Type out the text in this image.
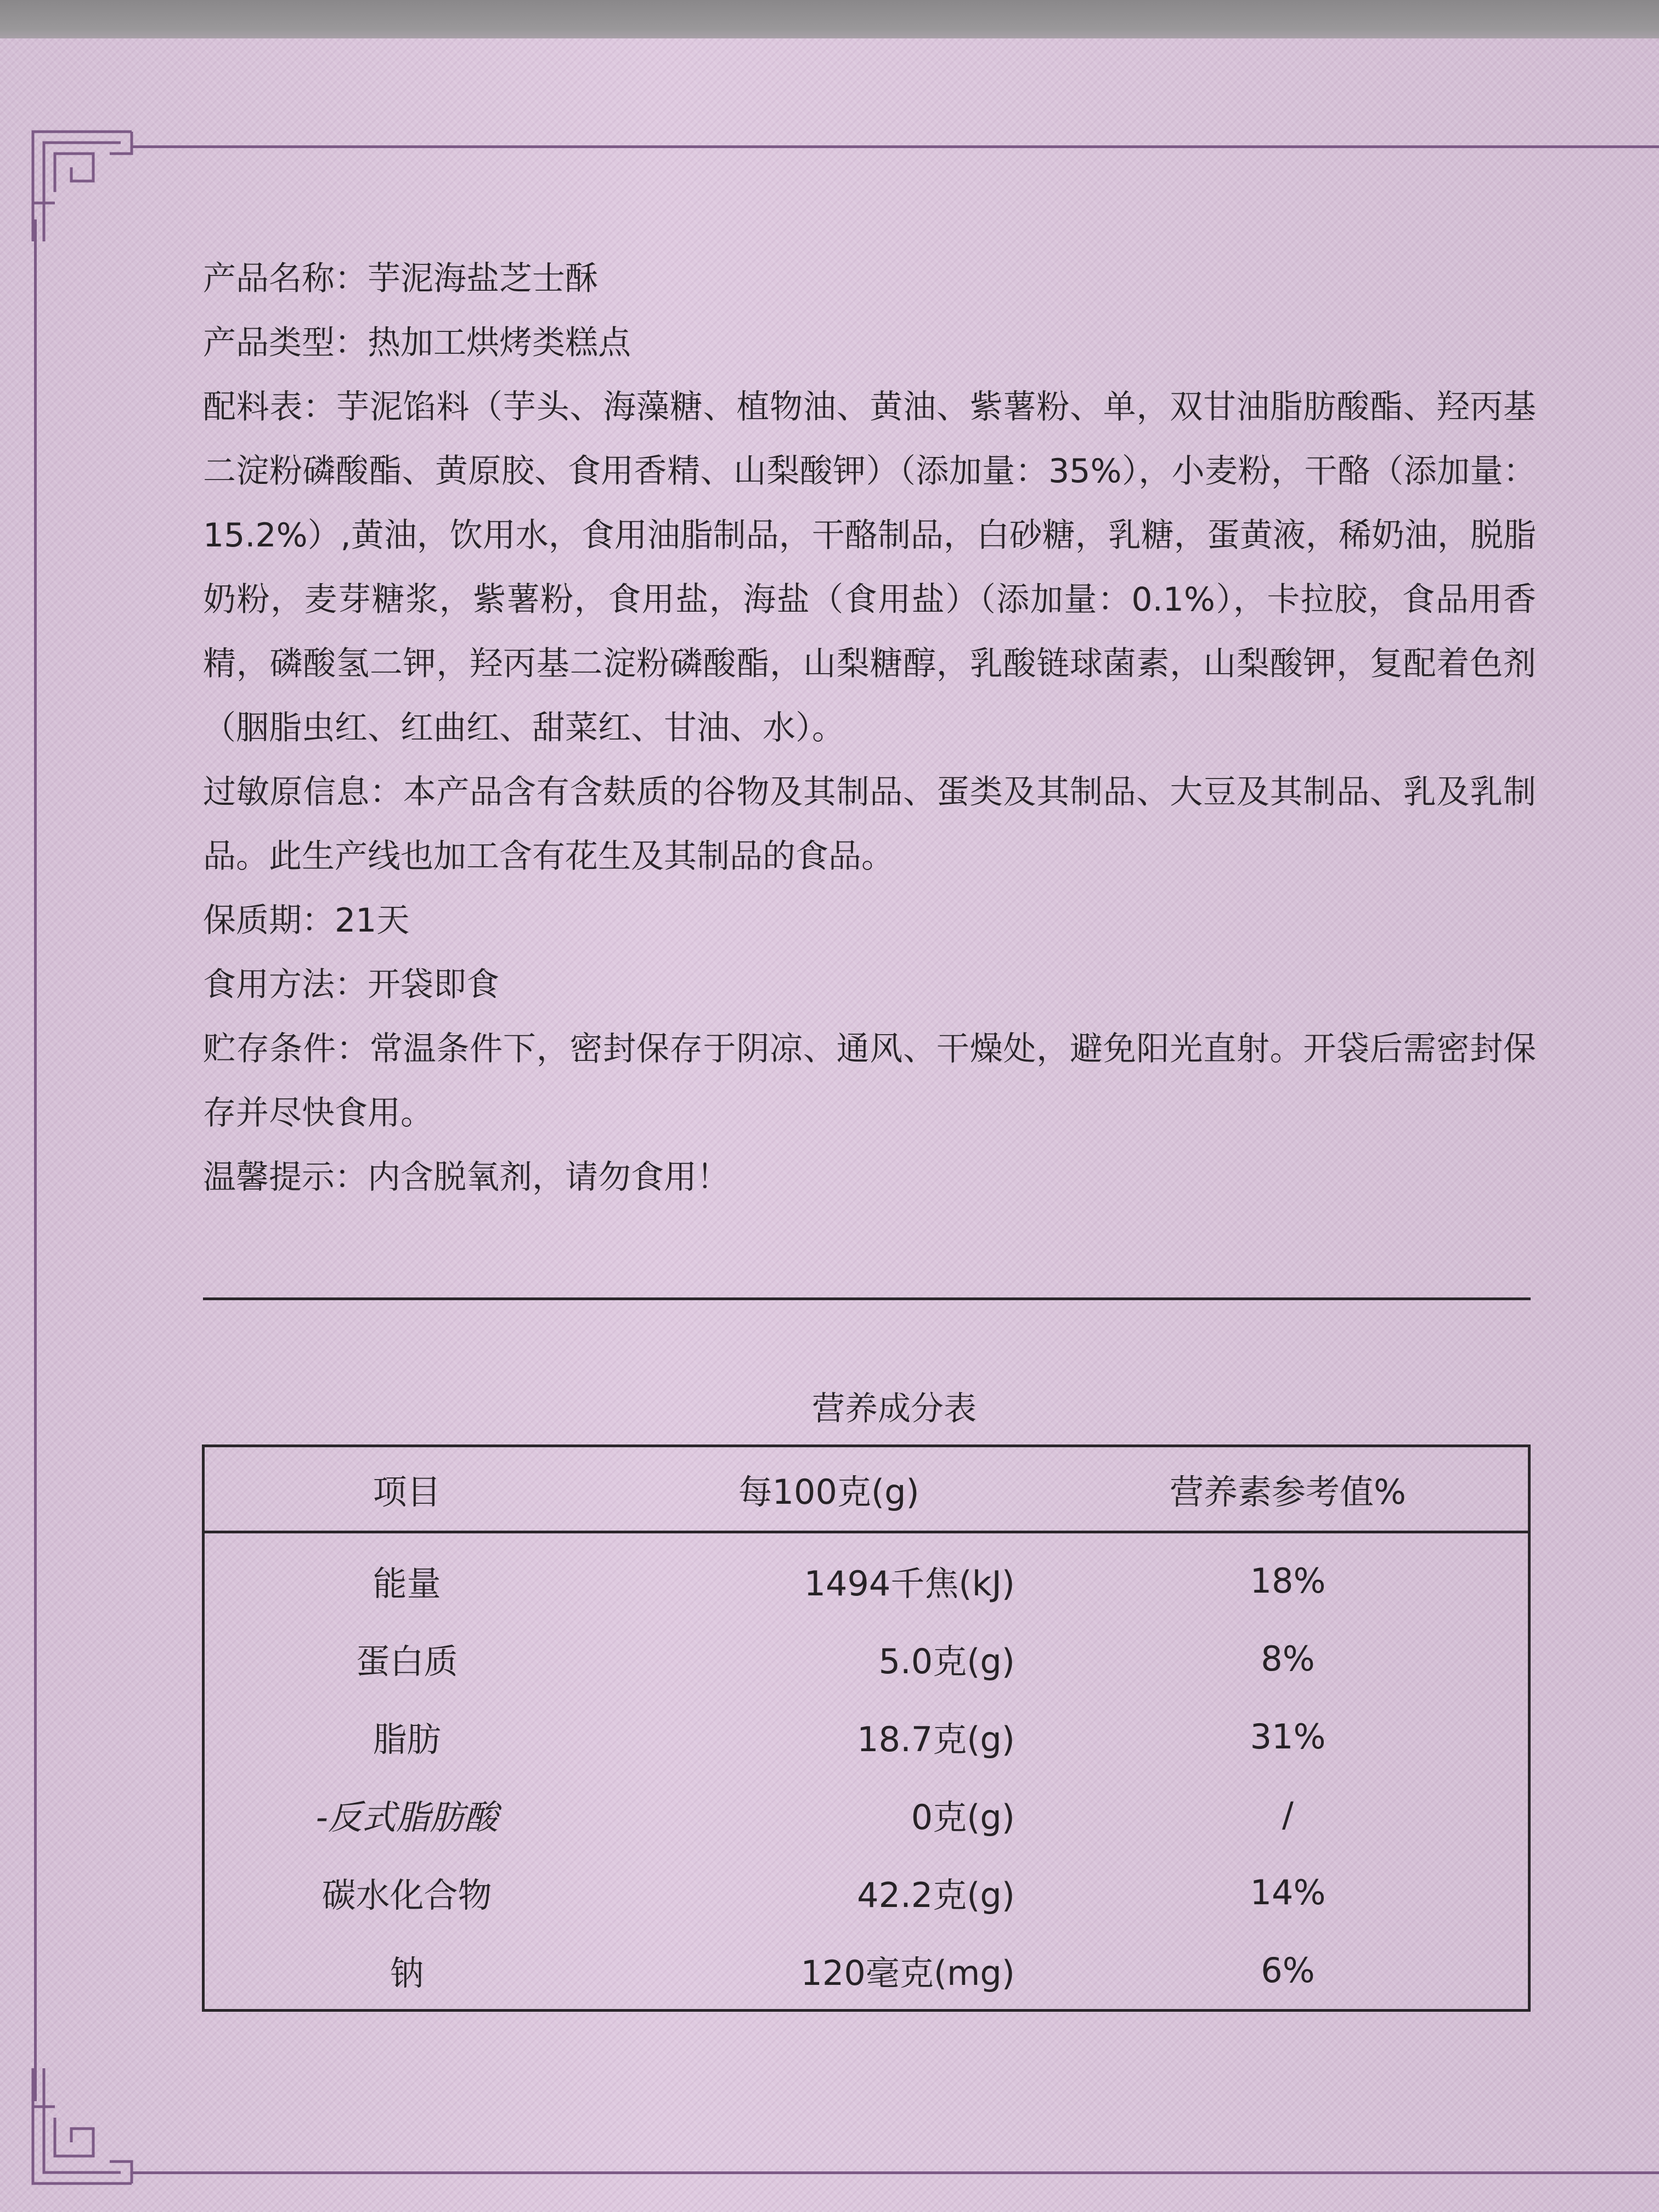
产品名称：芋泥海盐芝士酥

产品类型：热加工烘烤类糕点

配料表：芋泥馅料（芋头、海藻糖、植物油、黄油、紫薯粉、单，双甘油脂肪酸酯、羟丙基二淀粉磷酸酯、黄原胶、食用香精、山梨酸钾）（添加量：35%），小麦粉，干酪（添加量：15.2%）,黄油，饮用水，食用油脂制品，干酪制品，白砂糖，乳糖，蛋黄液，稀奶油，脱脂奶粉，麦芽糖浆，紫薯粉，食用盐，海盐（食用盐）（添加量：0.1%），卡拉胶，食品用香精，磷酸氢二钾，羟丙基二淀粉磷酸酯，山梨糖醇，乳酸链球菌素，山梨酸钾，复配着色剂（胭脂虫红、红曲红、甜菜红、甘油、水）。

过敏原信息：本产品含有含麸质的谷物及其制品、蛋类及其制品、大豆及其制品、乳及乳制品。此生产线也加工含有花生及其制品的食品。

保质期：21天

食用方法：开袋即食

贮存条件：常温条件下，密封保存于阴凉、通风、干燥处，避免阳光直射。开袋后需密封保存并尽快食用。

温馨提示：内含脱氧剂，请勿食用！

营养成分表
项目	每100克(g)	营养素参考值%
能量	1494千焦(kJ)	18%
蛋白质	5.0克(g)	8%
脂肪	18.7克(g)	31%
-反式脂肪酸	0克(g)	/
碳水化合物	42.2克(g)	14%
钠	120毫克(mg)	6%
